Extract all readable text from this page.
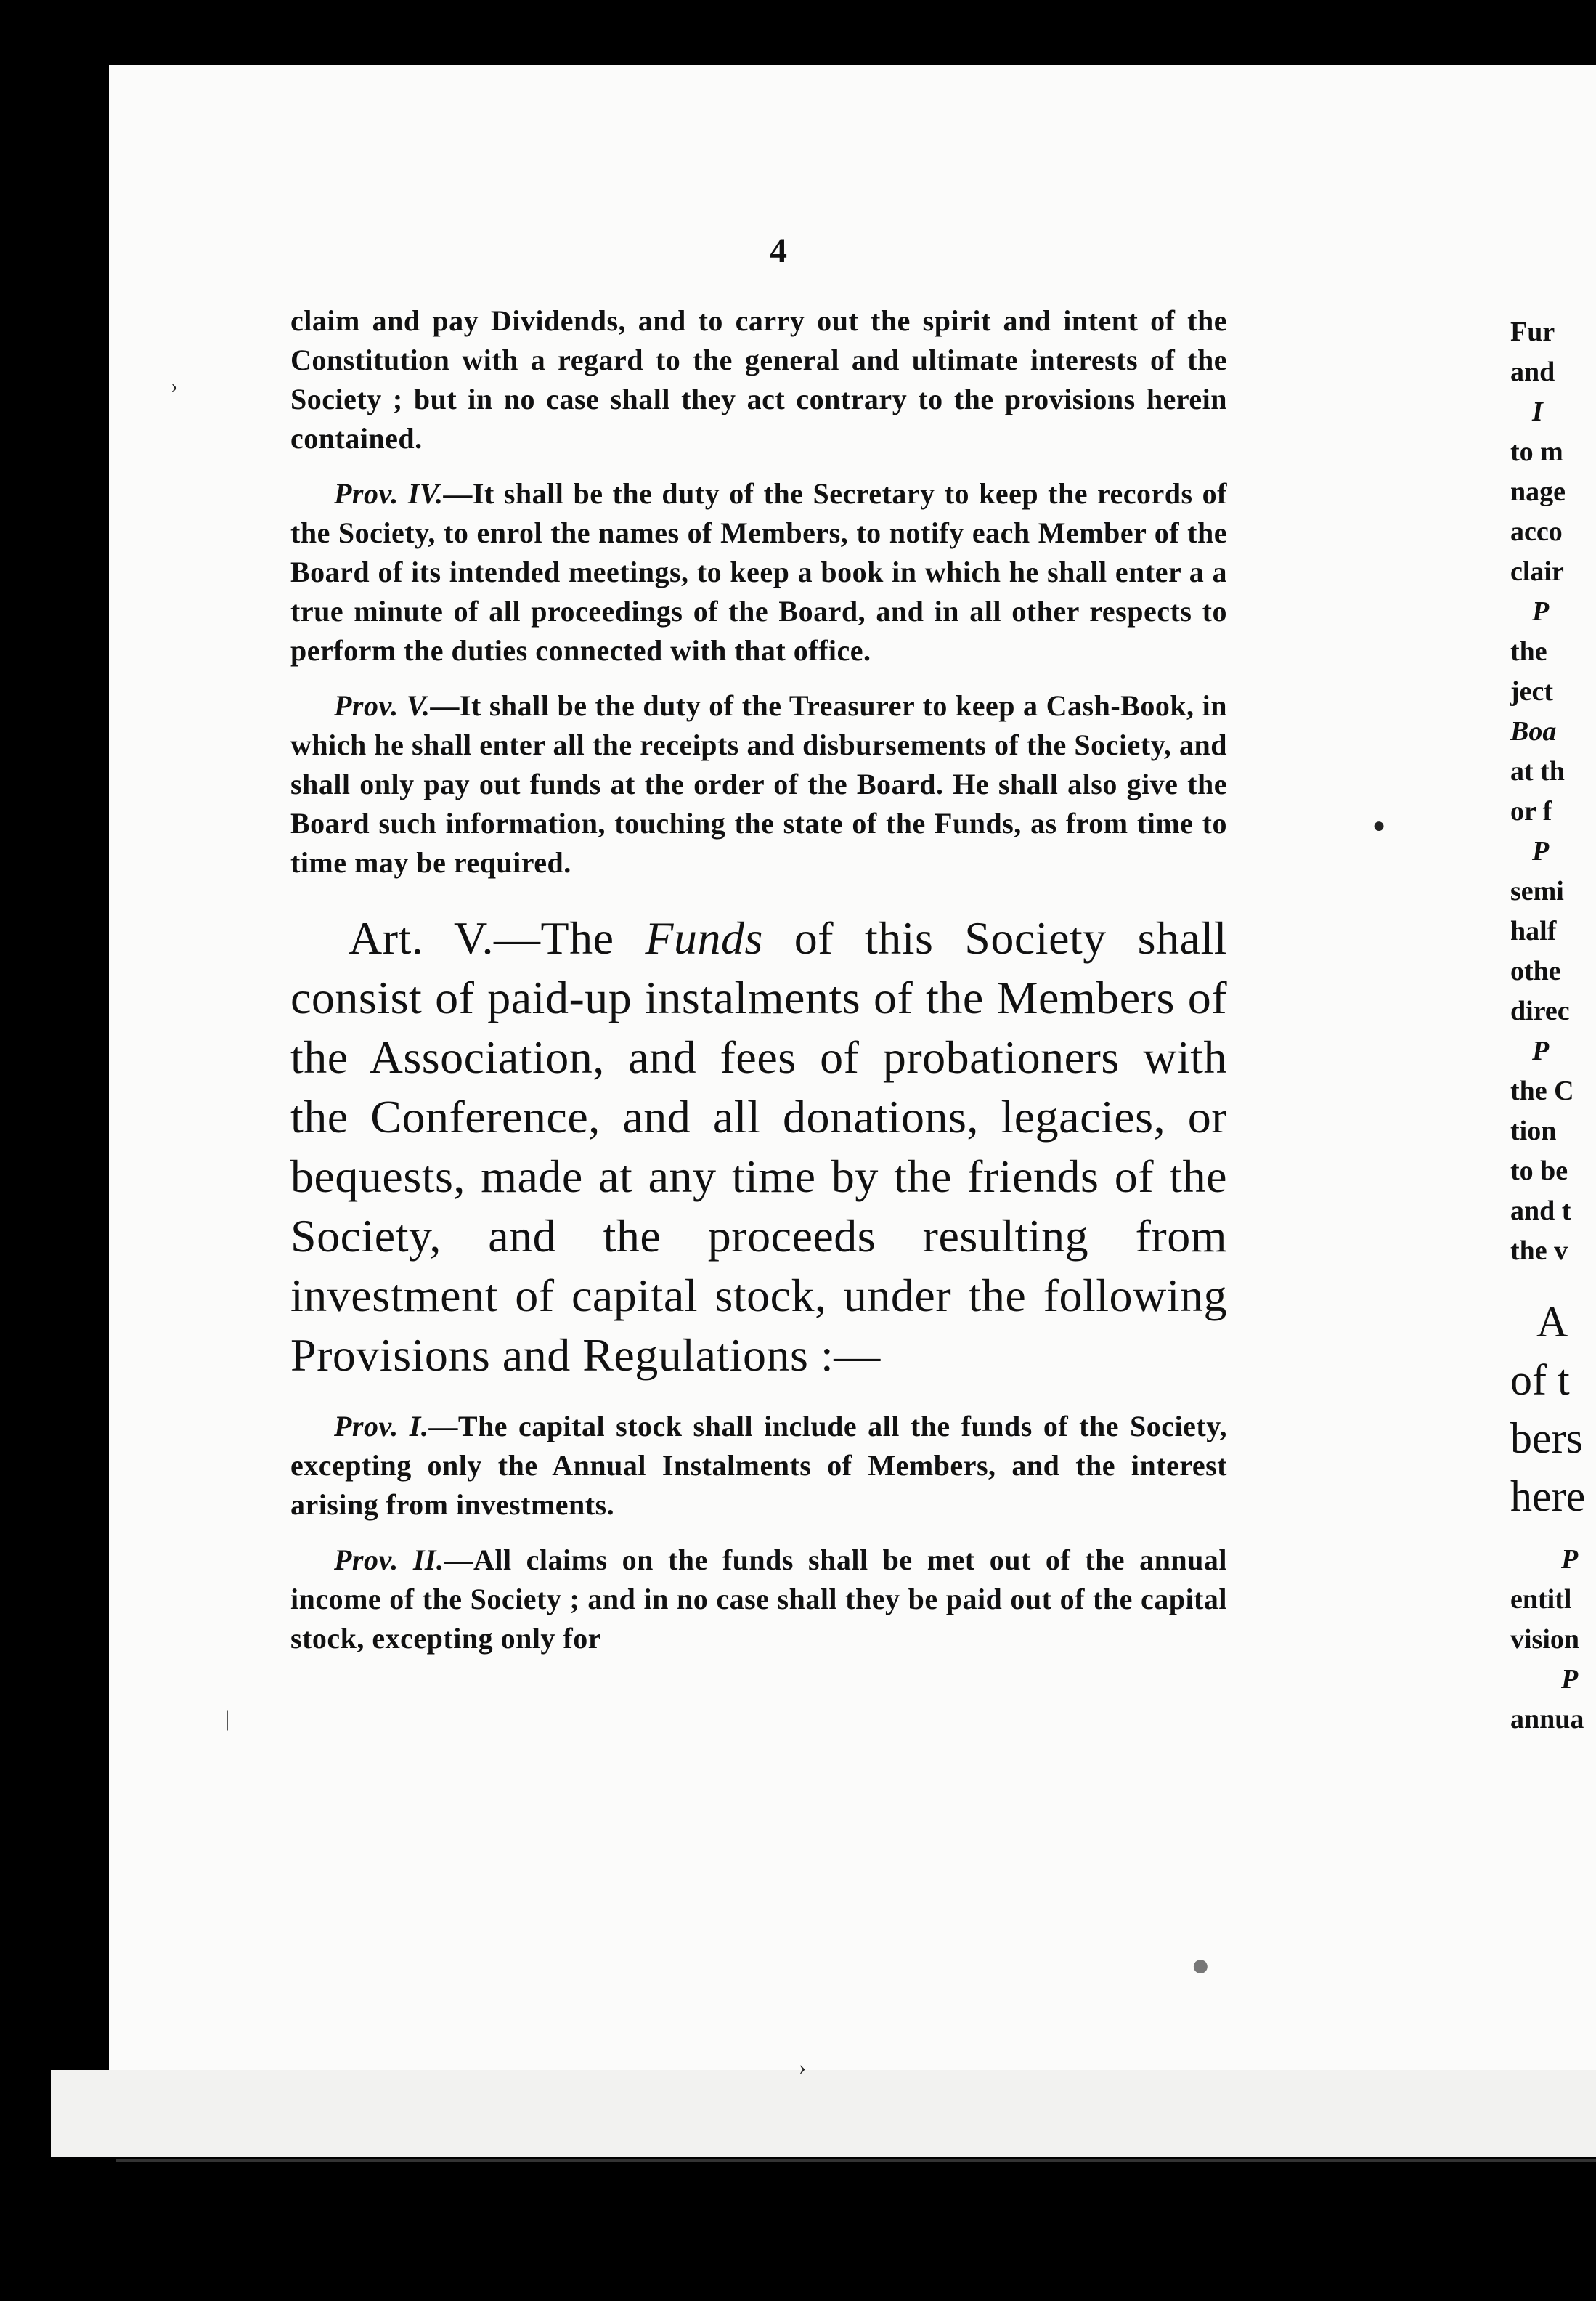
4

claim and pay Dividends, and to carry out the spirit and intent of the Constitution with a regard to the general and ultimate interests of the Society ; but in no case shall they act contrary to the provisions herein contained.

Prov. IV.—It shall be the duty of the Secretary to keep the records of the Society, to enrol the names of Members, to notify each Member of the Board of its intended meetings, to keep a book in which he shall enter a a true minute of all proceedings of the Board, and in all other respects to perform the duties connected with that office.

Prov. V.—It shall be the duty of the Treasurer to keep a Cash-Book, in which he shall enter all the receipts and disbursements of the Society, and shall only pay out funds at the order of the Board. He shall also give the Board such information, touching the state of the Funds, as from time to time may be required.

Art. V.—The Funds of this Society shall consist of paid-up instalments of the Members of the Association, and fees of probationers with the Conference, and all donations, legacies, or bequests, made at any time by the friends of the Society, and the proceeds resulting from investment of capital stock, under the following Provisions and Regulations :—

Prov. I.—The capital stock shall include all the funds of the Society, excepting only the Annual Instalments of Members, and the interest arising from investments.

Prov. II.—All claims on the funds shall be met out of the annual income of the Society ; and in no case shall they be paid out of the capital stock, excepting only for

Fur
and
I
to m
nage
acco
clair
P
the
ject
Boa
at th
or f
P
semi
half
othe
direc
P
the C
tion
to be
and t
the v
A
of t
bers
here
P
entitl
vision
P
annua
›
●
|
●
›
